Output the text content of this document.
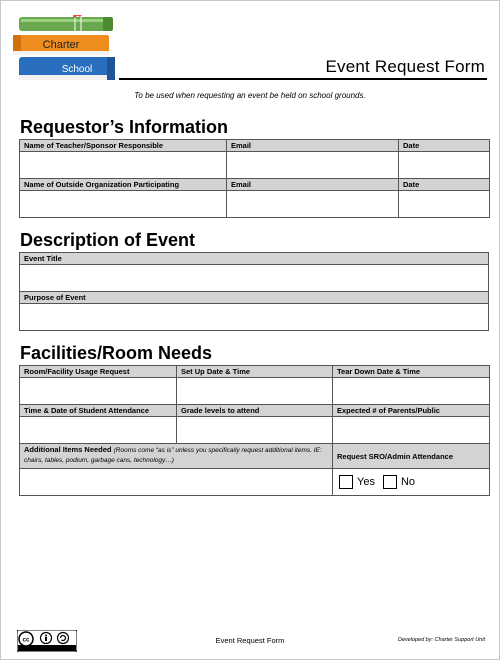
Charter
School	Event Request Form
To be used when requesting an event be held on school grounds.
Requestor’s Information
Name of Teacher/Sponsor Responsible	Email	Date

Name of Outside Organization Participating	Email	Date

Description of Event
Event Title

Purpose of Event

Facilities/Room Needs
Room/Facility Usage Request	Set Up Date & Time	Tear Down Date & Time

Time & Date of Student Attendance	Grade levels to attend	Expected # of Parents/Public

Additional Items Needed (Rooms come “as is” unless you specifically request additional items. IE: chairs, tables, podium, garbage cans, technology…)		Request SRO/Admin Attendance

		Yes No
cc	Event Request Form	Developed by: Charter Support Unit
